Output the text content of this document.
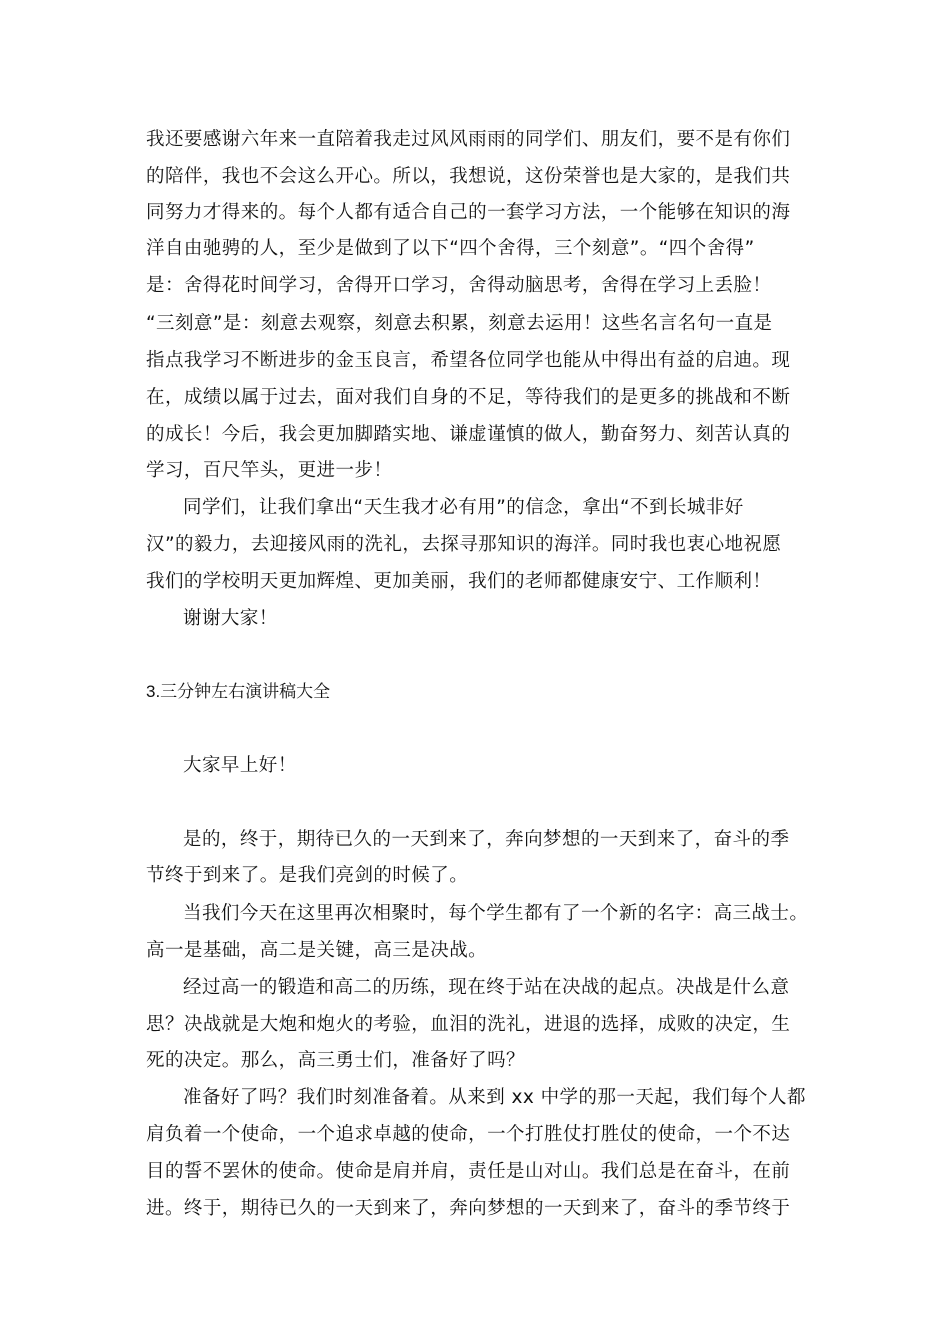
我还要感谢六年来一直陪着我走过风风雨雨的同学们、朋友们，要不是有你们
的陪伴，我也不会这么开心。所以，我想说，这份荣誉也是大家的，是我们共
同努力才得来的。每个人都有适合自己的一套学习方法，一个能够在知识的海
洋自由驰骋的人，至少是做到了以下“四个舍得，三个刻意”。“四个舍得”
是：舍得花时间学习，舍得开口学习，舍得动脑思考，舍得在学习上丢脸！
“三刻意”是：刻意去观察，刻意去积累，刻意去运用！这些名言名句一直是
指点我学习不断进步的金玉良言，希望各位同学也能从中得出有益的启迪。现
在，成绩以属于过去，面对我们自身的不足，等待我们的是更多的挑战和不断
的成长！今后，我会更加脚踏实地、谦虚谨慎的做人，勤奋努力、刻苦认真的
学习，百尺竿头，更进一步！
同学们，让我们拿出“天生我才必有用”的信念，拿出“不到长城非好
汉”的毅力，去迎接风雨的洗礼，去探寻那知识的海洋。同时我也衷心地祝愿
我们的学校明天更加辉煌、更加美丽，我们的老师都健康安宁、工作顺利！
谢谢大家！
3.三分钟左右演讲稿大全
大家早上好！
是的，终于，期待已久的一天到来了，奔向梦想的一天到来了，奋斗的季
节终于到来了。是我们亮剑的时候了。
当我们今天在这里再次相聚时，每个学生都有了一个新的名字：高三战士。
高一是基础，高二是关键，高三是决战。
经过高一的锻造和高二的历练，现在终于站在决战的起点。决战是什么意
思？决战就是大炮和炮火的考验，血泪的洗礼，进退的选择，成败的决定，生
死的决定。那么，高三勇士们，准备好了吗？
准备好了吗？我们时刻准备着。从来到 xx 中学的那一天起，我们每个人都
肩负着一个使命，一个追求卓越的使命，一个打胜仗打胜仗的使命，一个不达
目的誓不罢休的使命。使命是肩并肩，责任是山对山。我们总是在奋斗，在前
进。终于，期待已久的一天到来了，奔向梦想的一天到来了，奋斗的季节终于
